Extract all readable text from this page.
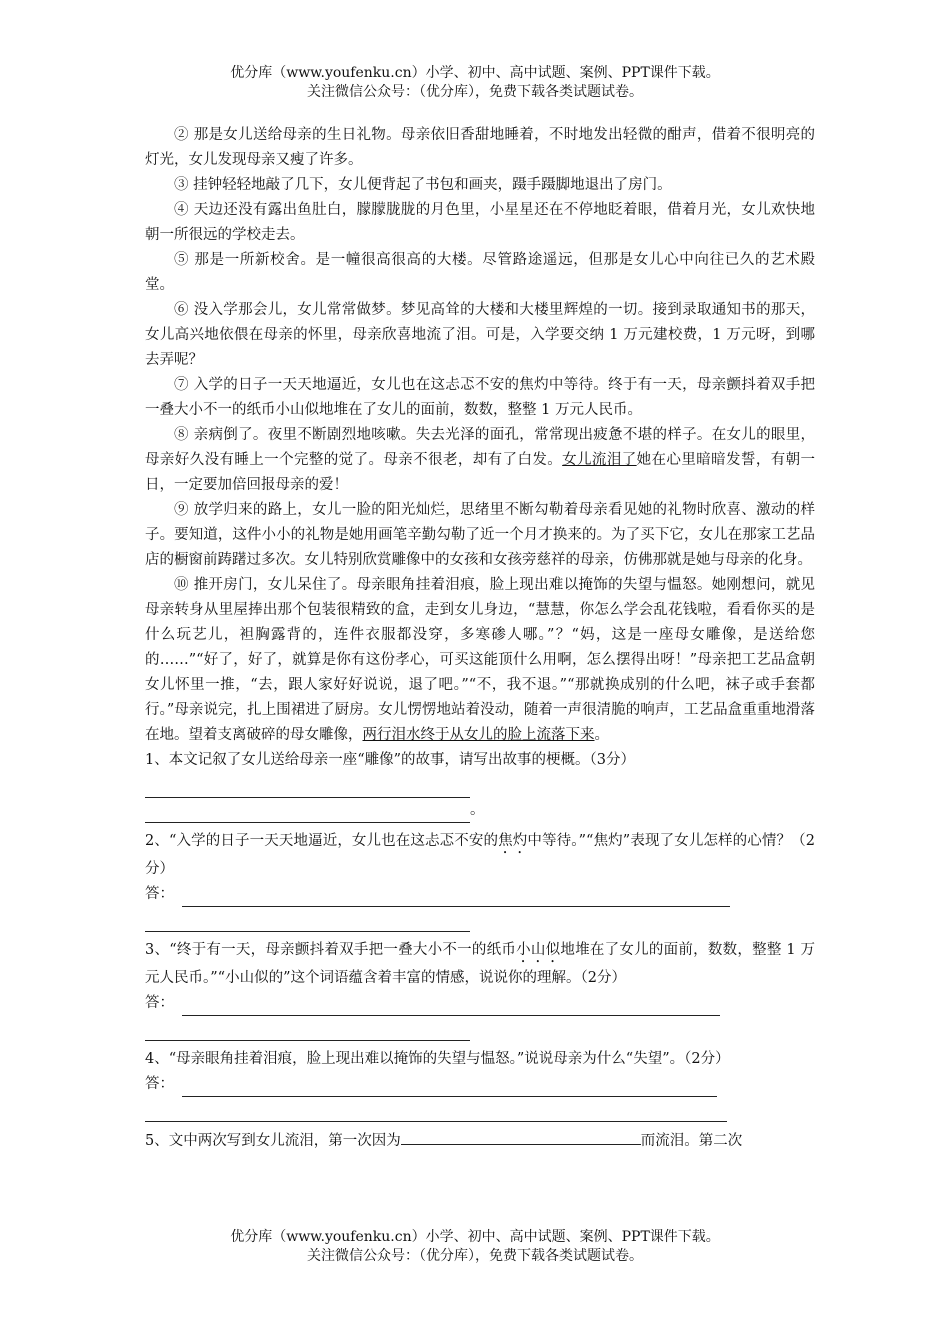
优分库（www.youfenku.cn）小学、初中、高中试题、案例、PPT课件下载。
关注微信公众号：（优分库），免费下载各类试题试卷。

② 那是女儿送给母亲的生日礼物。母亲依旧香甜地睡着，不时地发出轻微的酣声，借着不很明亮的灯光，女儿发现母亲又瘦了许多。

③ 挂钟轻轻地敲了几下，女儿便背起了书包和画夹，蹑手蹑脚地退出了房门。

④ 天边还没有露出鱼肚白，朦朦胧胧的月色里，小星星还在不停地眨着眼，借着月光，女儿欢快地朝一所很远的学校走去。

⑤ 那是一所新校舍。是一幢很高很高的大楼。尽管路途遥远，但那是女儿心中向往已久的艺术殿堂。

⑥ 没入学那会儿，女儿常常做梦。梦见高耸的大楼和大楼里辉煌的一切。接到录取通知书的那天，女儿高兴地依偎在母亲的怀里，母亲欣喜地流了泪。可是，入学要交纳 1 万元建校费，1 万元呀，到哪去弄呢？

⑦ 入学的日子一天天地逼近，女儿也在这忐忑不安的焦灼中等待。终于有一天，母亲颤抖着双手把一叠大小不一的纸币小山似地堆在了女儿的面前，数数，整整 1 万元人民币。

⑧ 亲病倒了。夜里不断剧烈地咳嗽。失去光泽的面孔，常常现出疲惫不堪的样子。在女儿的眼里，母亲好久没有睡上一个完整的觉了。母亲不很老，却有了白发。女儿流泪了她在心里暗暗发誓，有朝一日，一定要加倍回报母亲的爱！

⑨ 放学归来的路上，女儿一脸的阳光灿烂，思绪里不断勾勒着母亲看见她的礼物时欣喜、激动的样子。要知道，这件小小的礼物是她用画笔辛勤勾勒了近一个月才换来的。为了买下它，女儿在那家工艺品店的橱窗前踌躇过多次。女儿特别欣赏雕像中的女孩和女孩旁慈祥的母亲，仿佛那就是她与母亲的化身。

⑩ 推开房门，女儿呆住了。母亲眼角挂着泪痕，脸上现出难以掩饰的失望与愠怒。她刚想问，就见母亲转身从里屋捧出那个包装很精致的盒，走到女儿身边，“慧慧，你怎么学会乱花钱啦，看看你买的是什么玩艺儿，袒胸露背的，连件衣服都没穿，多寒碜人哪。”？“妈，这是一座母女雕像，是送给您的……”“好了，好了，就算是你有这份孝心，可买这能顶什么用啊，怎么摆得出呀！”母亲把工艺品盒朝女儿怀里一推，“去，跟人家好好说说，退了吧。”“不，我不退。”“那就换成别的什么吧，袜子或手套都行。”母亲说完，扎上围裙进了厨房。女儿愣愣地站着没动，随着一声很清脆的响声，工艺品盒重重地滑落在地。望着支离破碎的母女雕像，两行泪水终于从女儿的脸上流落下来。

1、本文记叙了女儿送给母亲一座“雕像”的故事，请写出故事的梗概。（3分）

。

2、“入学的日子一天天地逼近，女儿也在这忐忑不安的焦灼中等待。”“焦灼”表现了女儿怎样的心情？（2分）

答：

3、“终于有一天，母亲颤抖着双手把一叠大小不一的纸币小山似地堆在了女儿的面前，数数，整整 1 万元人民币。”“小山似的”这个词语蕴含着丰富的情感，说说你的理解。（2分）

答：

4、“母亲眼角挂着泪痕，脸上现出难以掩饰的失望与愠怒。”说说母亲为什么“失望”。（2分）

答：

5、文中两次写到女儿流泪，第一次因为	而流泪。第二次

优分库（www.youfenku.cn）小学、初中、高中试题、案例、PPT课件下载。
关注微信公众号：（优分库），免费下载各类试题试卷。
